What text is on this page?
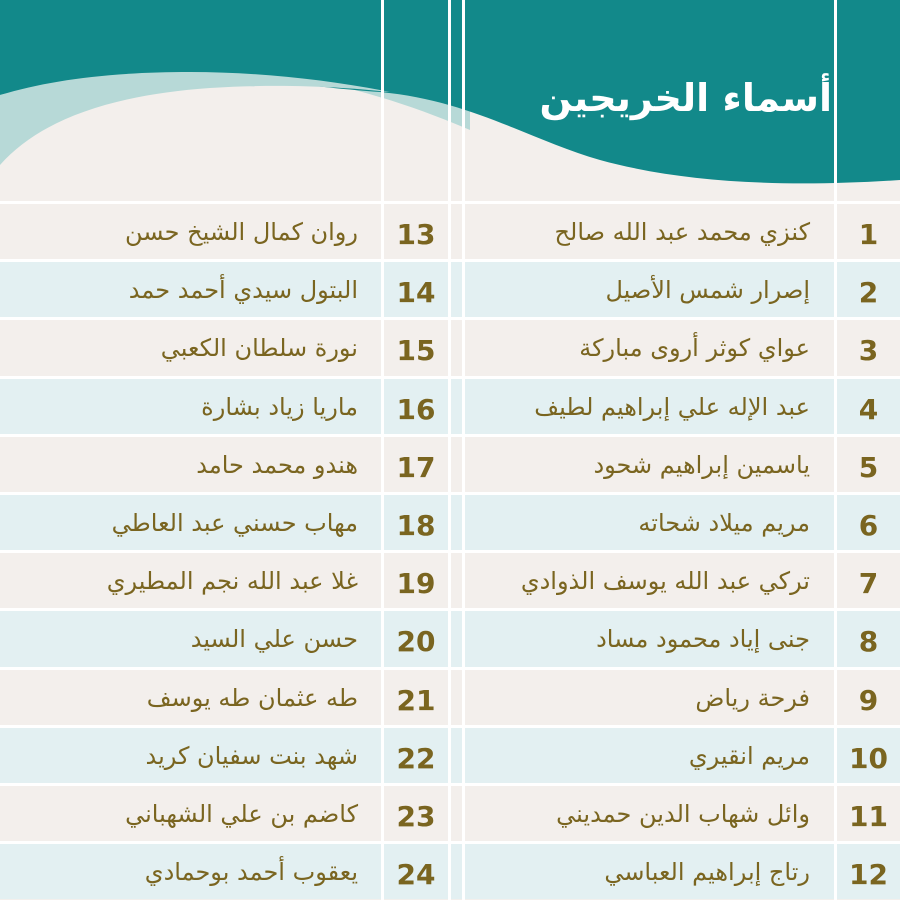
أسماء الخريجين
كنزي محمد عبد الله صالح	1
إصرار شمس الأصيل	2
عواي كوثر أروى مباركة	3
عبد الإله علي إبراهيم لطيف	4
ياسمين إبراهيم شحود	5
مريم ميلاد شحاته	6
تركي عبد الله يوسف الذوادي	7
جنى إياد محمود مساد	8
فرحة رياض	9
مريم انقيري	10
وائل شهاب الدين حمديني	11
رتاج إبراهيم العباسي	12
روان كمال الشيخ حسن	13
البتول سيدي أحمد حمد	14
نورة سلطان الكعبي	15
ماريا زياد بشارة	16
هندو محمد حامد	17
مهاب حسني عبد العاطي	18
غلا عبد الله نجم المطيري	19
حسن علي السيد	20
طه عثمان طه يوسف	21
شهد بنت سفيان كريد	22
كاضم بن علي الشهباني	23
يعقوب أحمد بوحمادي	24
